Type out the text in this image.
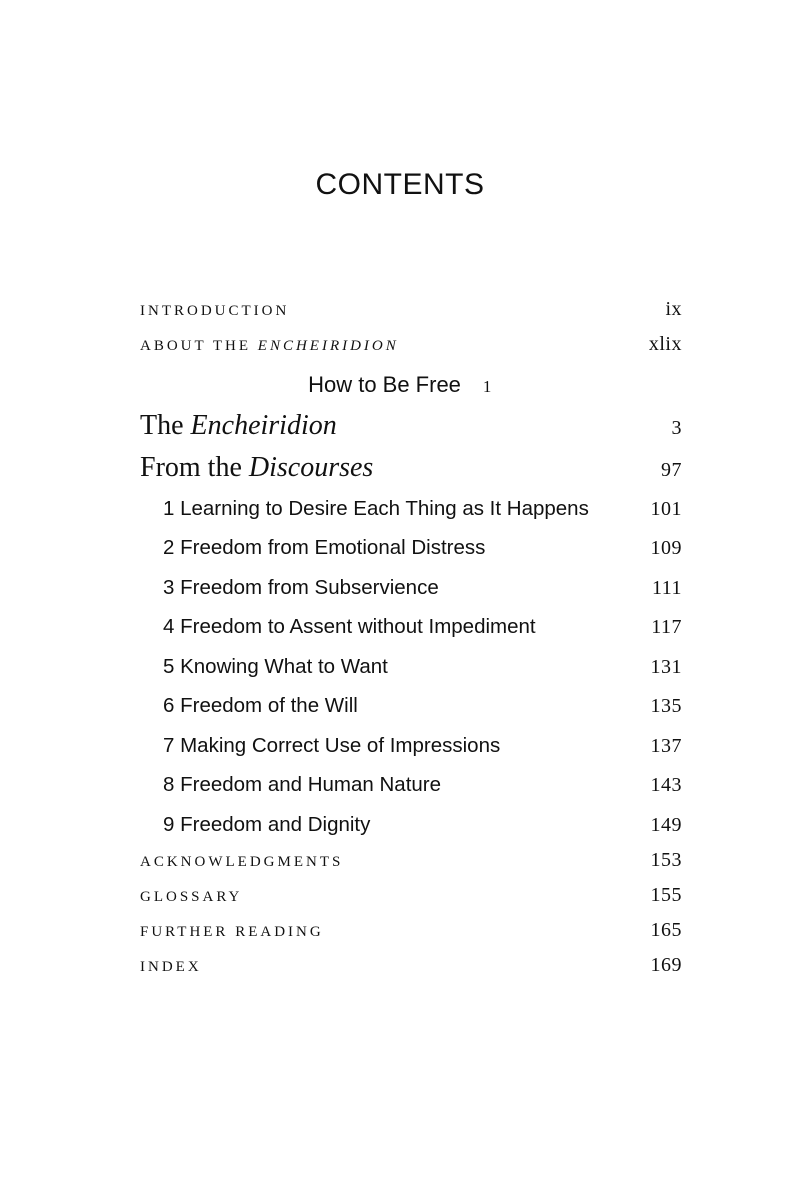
CONTENTS
INTRODUCTION	ix
ABOUT THE ENCHEIRIDION	xlix
How to Be Free 1
The Encheiridion	3
From the Discourses	97
1 Learning to Desire Each Thing as It Happens	101
2 Freedom from Emotional Distress	109
3 Freedom from Subservience	111
4 Freedom to Assent without Impediment	117
5 Knowing What to Want	131
6 Freedom of the Will	135
7 Making Correct Use of Impressions	137
8 Freedom and Human Nature	143
9 Freedom and Dignity	149
ACKNOWLEDGMENTS	153
GLOSSARY	155
FURTHER READING	165
INDEX	169
